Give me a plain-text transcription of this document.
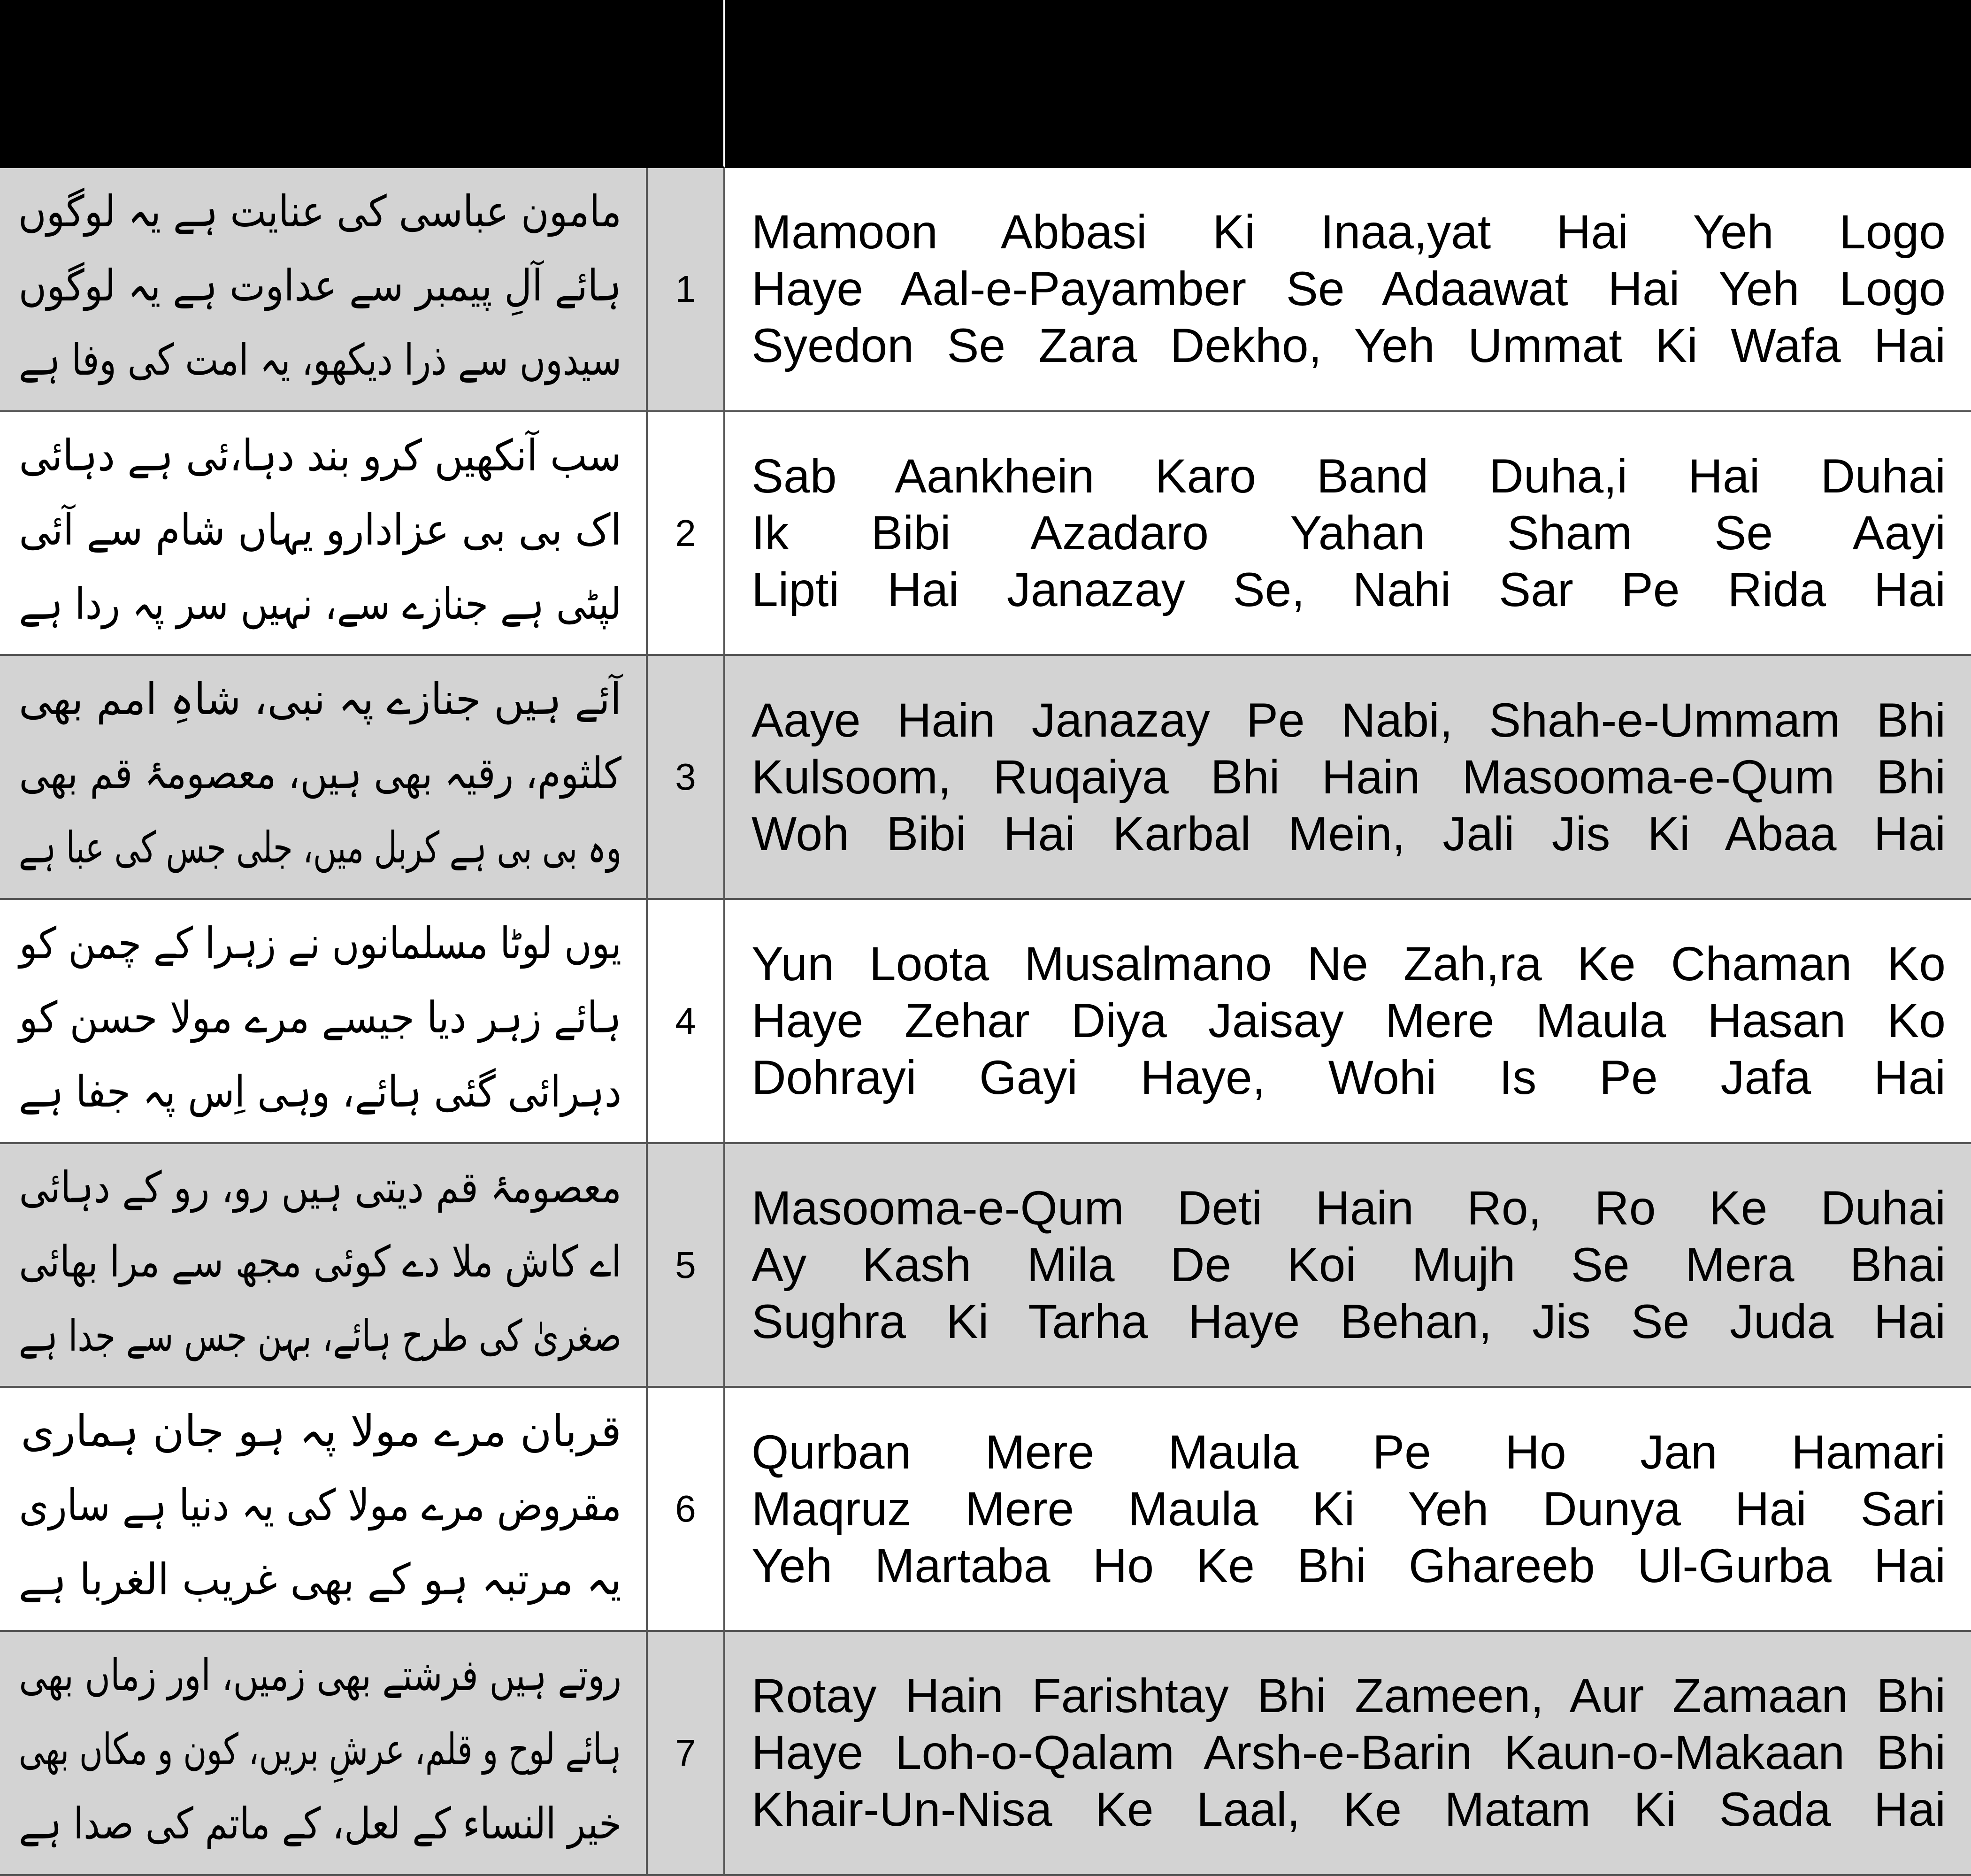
مظلوم بے وطن یہ مرا مولا رضا ہے
ہائے جسکو زہر لوگوں مسلماں نے دیا ہے
Mazloom Be Watan Ye Mera Maula Raza Hai
Haye Jisko Zehar Logon Musalmaan ne Diya Hai
مامون عباسی کی عنایت ہے یہ لوگوں
ہائے آلِ پیمبر سے عداوت ہے یہ لوگوں
سیدوں سے ذرا دیکھو، یہ امت کی وفا ہے
1
Mamoon Abbasi Ki Inaa,yat Hai Yeh Logo
Haye Aal-e-Payamber Se Adaawat Hai Yeh Logo
Syedon Se Zara Dekho, Yeh Ummat Ki Wafa Hai
سب آنکھیں کرو بند دہا،ئی ہے دہائی
اک بی بی عزادارو یہاں شام سے آئی
لپٹی ہے جنازے سے، نہیں سر پہ ردا ہے
2
Sab Aankhein Karo Band Duha,i Hai Duhai
Ik Bibi Azadaro Yahan Sham Se Aayi
Lipti Hai Janazay Se, Nahi Sar Pe Rida Hai
آئے ہیں جنازے پہ نبی، شاہِ امم بھی
کلثوم، رقیہ بھی ہیں، معصومۂ قم بھی
وہ بی بی ہے کربل میں، جلی جس کی عبا ہے
3
Aaye Hain Janazay Pe Nabi, Shah-e-Ummam Bhi
Kulsoom, Ruqaiya Bhi Hain Masooma-e-Qum Bhi
Woh Bibi Hai Karbal Mein, Jali Jis Ki Abaa Hai
یوں لوٹا مسلمانوں نے زہرا کے چمن کو
ہائے زہر دیا جیسے مرے مولا حسن کو
دہرائی گئی ہائے، وہی اِس پہ جفا ہے
4
Yun Loota Musalmano Ne Zah,ra Ke Chaman Ko
Haye Zehar Diya Jaisay Mere Maula Hasan Ko
Dohrayi Gayi Haye, Wohi Is Pe Jafa Hai
معصومۂ قم دیتی ہیں رو، رو کے دہائی
اے کاش ملا دے کوئی مجھ سے مرا بھائی
صغریٰ کی طرح ہائے، بہن جس سے جدا ہے
5
Masooma-e-Qum Deti Hain Ro, Ro Ke Duhai
Ay Kash Mila De Koi Mujh Se Mera Bhai
Sughra Ki Tarha Haye Behan, Jis Se Juda Hai
قربان مرے مولا پہ ہو جان ہماری
مقروض مرے مولا کی یہ دنیا ہے ساری
یہ مرتبہ ہو کے بھی غریب الغربا ہے
6
Qurban Mere Maula Pe Ho Jan Hamari
Maqruz Mere Maula Ki Yeh Dunya Hai Sari
Yeh Martaba Ho Ke Bhi Ghareeb Ul-Gurba Hai
روتے ہیں فرشتے بھی زمیں، اور زماں بھی
ہائے لوح و قلم، عرشِ بریں، کون و مکاں بھی
خیر النساء کے لعل، کے ماتم کی صدا ہے
7
Rotay Hain Farishtay Bhi Zameen, Aur Zamaan Bhi
Haye Loh-o-Qalam Arsh-e-Barin Kaun-o-Makaan Bhi
Khair-Un-Nisa Ke Laal, Ke Matam Ki Sada Hai
